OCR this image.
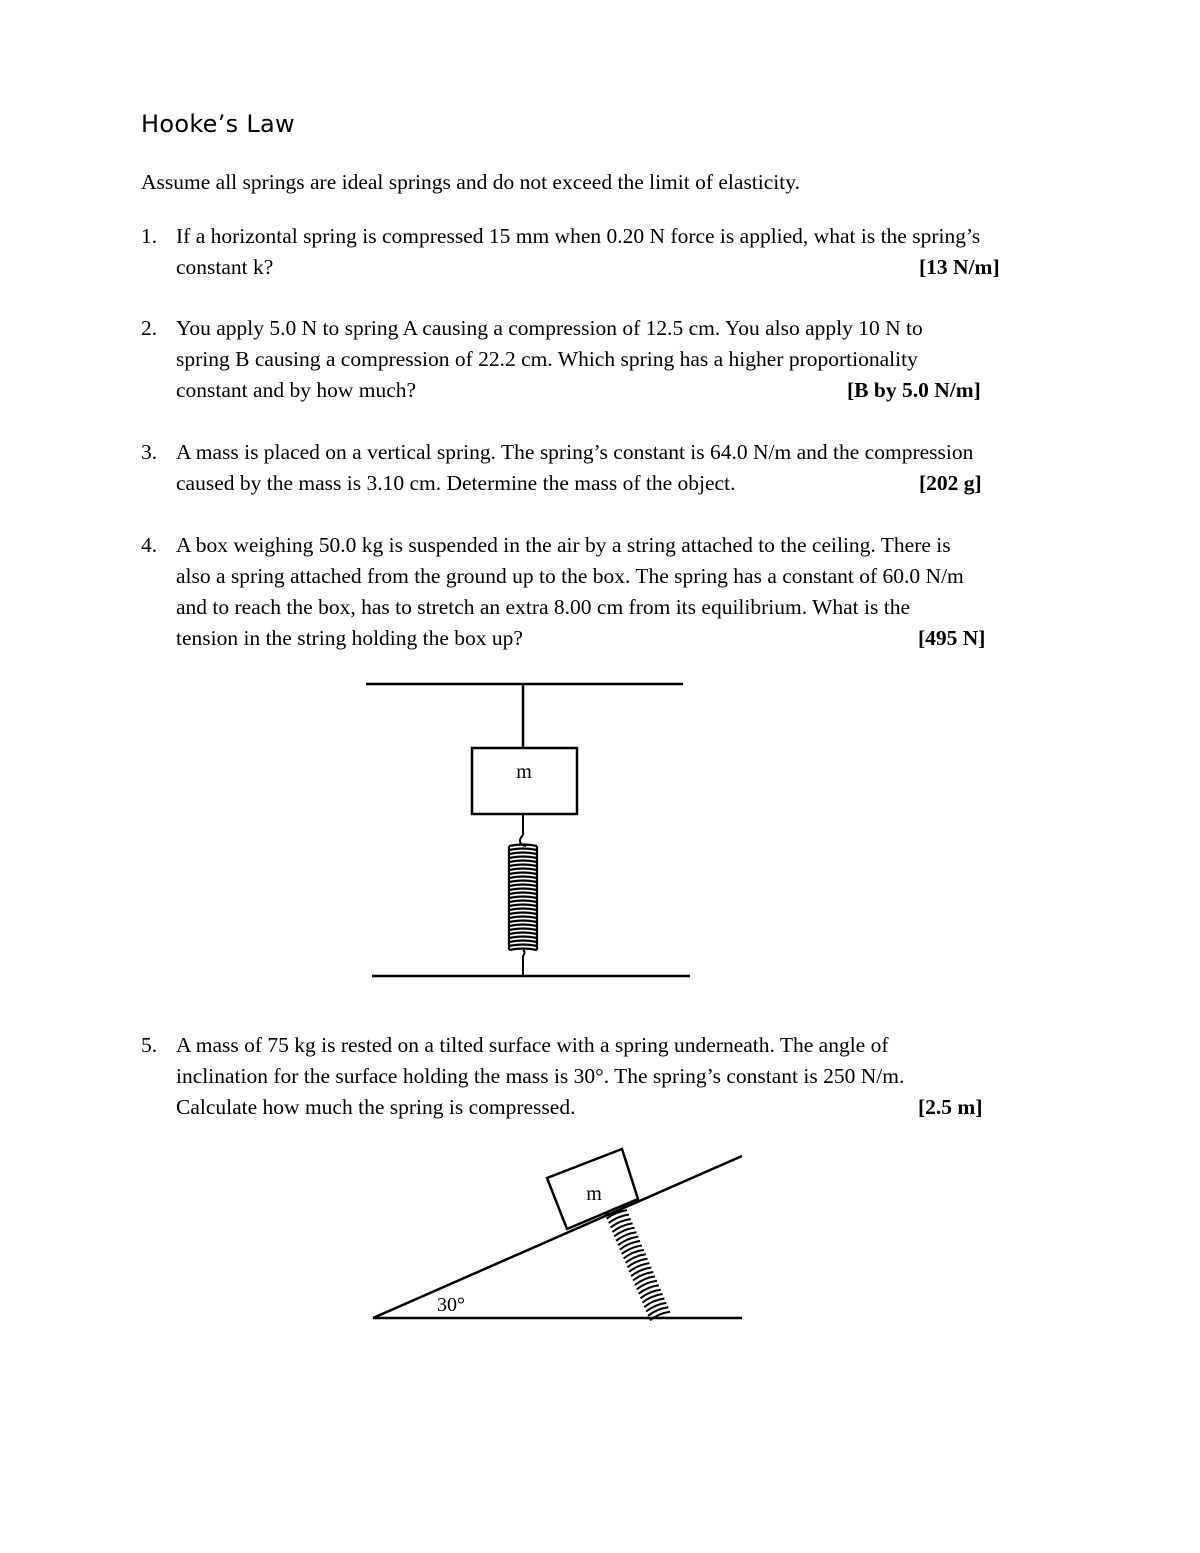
Hooke’s Law
Assume all springs are ideal springs and do not exceed the limit of elasticity.
1. If a horizontal spring is compressed 15 mm when 0.20 N force is applied, what is the spring’s
constant k?	[13 N/m]
2. You apply 5.0 N to spring A causing a compression of 12.5 cm. You also apply 10 N to
spring B causing a compression of 22.2 cm. Which spring has a higher proportionality
constant and by how much?	[B by 5.0 N/m]
3. A mass is placed on a vertical spring. The spring’s constant is 64.0 N/m and the compression
caused by the mass is 3.10 cm. Determine the mass of the object.	[202 g]
4. A box weighing 50.0 kg is suspended in the air by a string attached to the ceiling. There is
also a spring attached from the ground up to the box. The spring has a constant of 60.0 N/m
and to reach the box, has to stretch an extra 8.00 cm from its equilibrium. What is the
tension in the string holding the box up?	[495 N]
5. A mass of 75 kg is rested on a tilted surface with a spring underneath. The angle of
inclination for the surface holding the mass is 30°. The spring’s constant is 250 N/m.
Calculate how much the spring is compressed.	[2.5 m]
m
m
30°
